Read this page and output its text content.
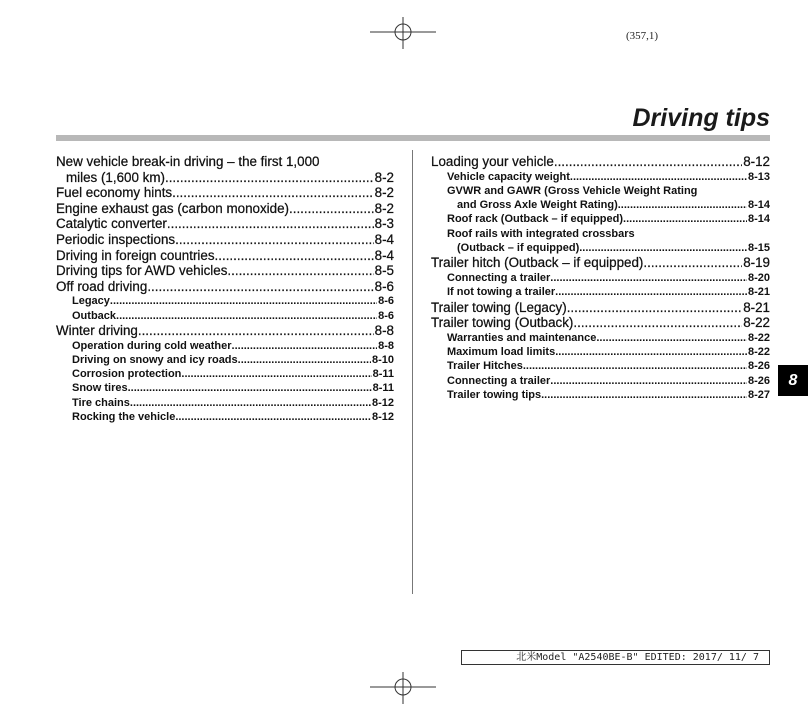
(357,1)
Driving tips
New vehicle break-in driving – the first 1,000
miles (1,600 km) .....	8-2
Fuel economy hints .....	8-2
Engine exhaust gas (carbon monoxide) .....	8-2
Catalytic converter .....	8-3
Periodic inspections .....	8-4
Driving in foreign countries .....	8-4
Driving tips for AWD vehicles .....	8-5
Off road driving .....	8-6
Legacy .....	8-6
Outback .....	8-6
Winter driving .....	8-8
Operation during cold weather .....	8-8
Driving on snowy and icy roads .....	8-10
Corrosion protection .....	8-11
Snow tires .....	8-11
Tire chains .....	8-12
Rocking the vehicle .....	8-12
Loading your vehicle .....	8-12
Vehicle capacity weight .....	8-13
GVWR and GAWR (Gross Vehicle Weight Rating
and Gross Axle Weight Rating) .....	8-14
Roof rack (Outback – if equipped) .....	8-14
Roof rails with integrated crossbars
(Outback – if equipped) .....	8-15
Trailer hitch (Outback – if equipped) .....	8-19
Connecting a trailer .....	8-20
If not towing a trailer .....	8-21
Trailer towing (Legacy) .....	8-21
Trailer towing (Outback) .....	8-22
Warranties and maintenance .....	8-22
Maximum load limits .....	8-22
Trailer Hitches .....	8-26
Connecting a trailer .....	8-26
Trailer towing tips .....	8-27
8
北米Model "A2540BE-B" EDITED: 2017/ 11/ 7
